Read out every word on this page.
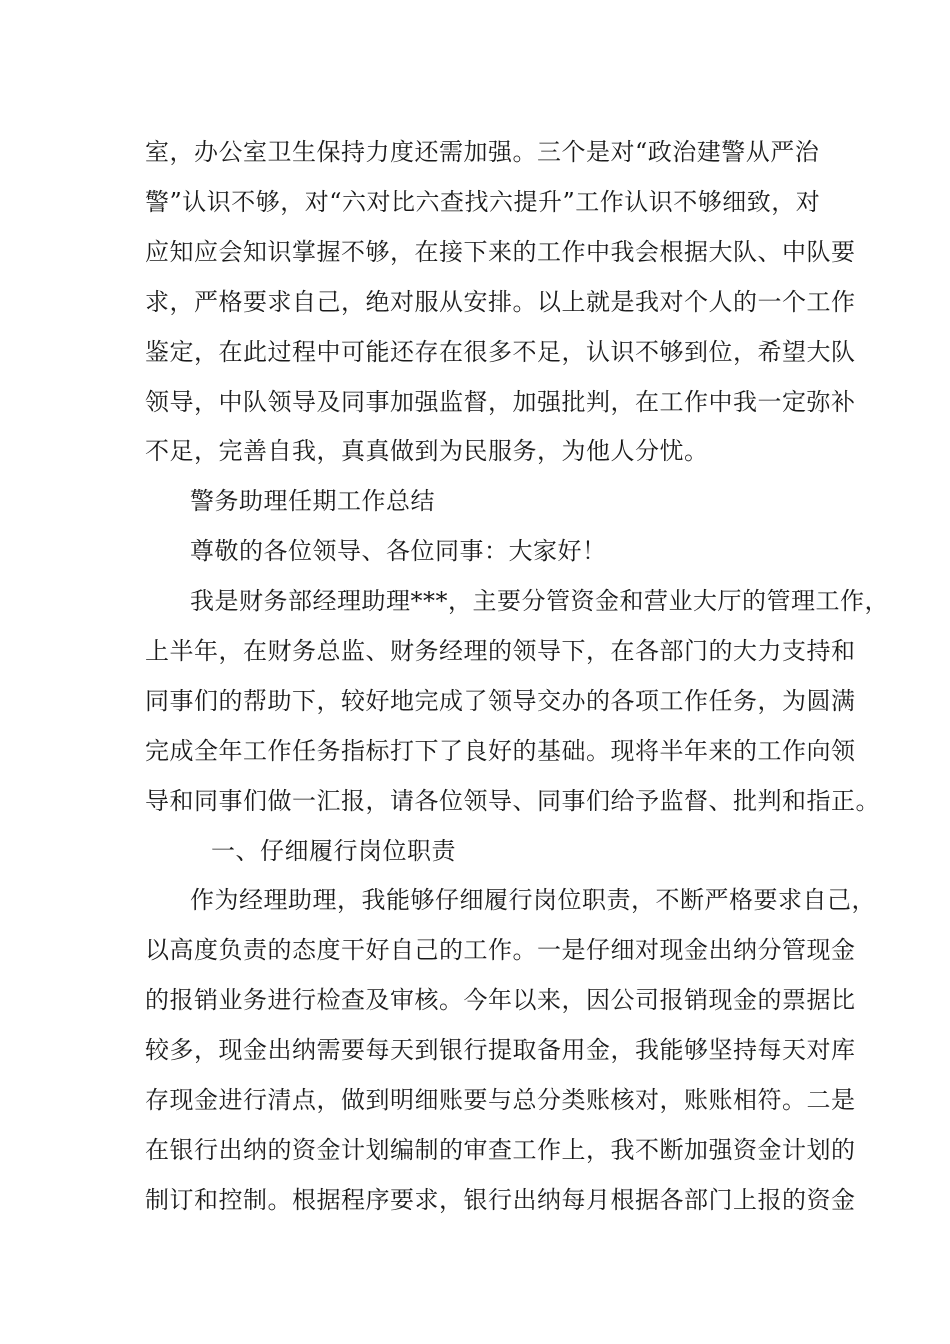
室，办公室卫生保持力度还需加强。三个是对“政治建警从严治
警”认识不够，对“六对比六查找六提升”工作认识不够细致，对
应知应会知识掌握不够，在接下来的工作中我会根据大队、中队要
求，严格要求自己，绝对服从安排。以上就是我对个人的一个工作
鉴定，在此过程中可能还存在很多不足，认识不够到位，希望大队
领导，中队领导及同事加强监督，加强批判，在工作中我一定弥补
不足，完善自我，真真做到为民服务，为他人分忧。
警务助理任期工作总结
尊敬的各位领导、各位同事：大家好！
我是财务部经理助理***，主要分管资金和营业大厅的管理工作，
上半年，在财务总监、财务经理的领导下，在各部门的大力支持和
同事们的帮助下，较好地完成了领导交办的各项工作任务，为圆满
完成全年工作任务指标打下了良好的基础。现将半年来的工作向领
导和同事们做一汇报，请各位领导、同事们给予监督、批判和指正。
一、仔细履行岗位职责
作为经理助理，我能够仔细履行岗位职责，不断严格要求自己，
以高度负责的态度干好自己的工作。一是仔细对现金出纳分管现金
的报销业务进行检查及审核。今年以来，因公司报销现金的票据比
较多，现金出纳需要每天到银行提取备用金，我能够坚持每天对库
存现金进行清点，做到明细账要与总分类账核对，账账相符。二是
在银行出纳的资金计划编制的审查工作上，我不断加强资金计划的
制订和控制。根据程序要求，银行出纳每月根据各部门上报的资金
